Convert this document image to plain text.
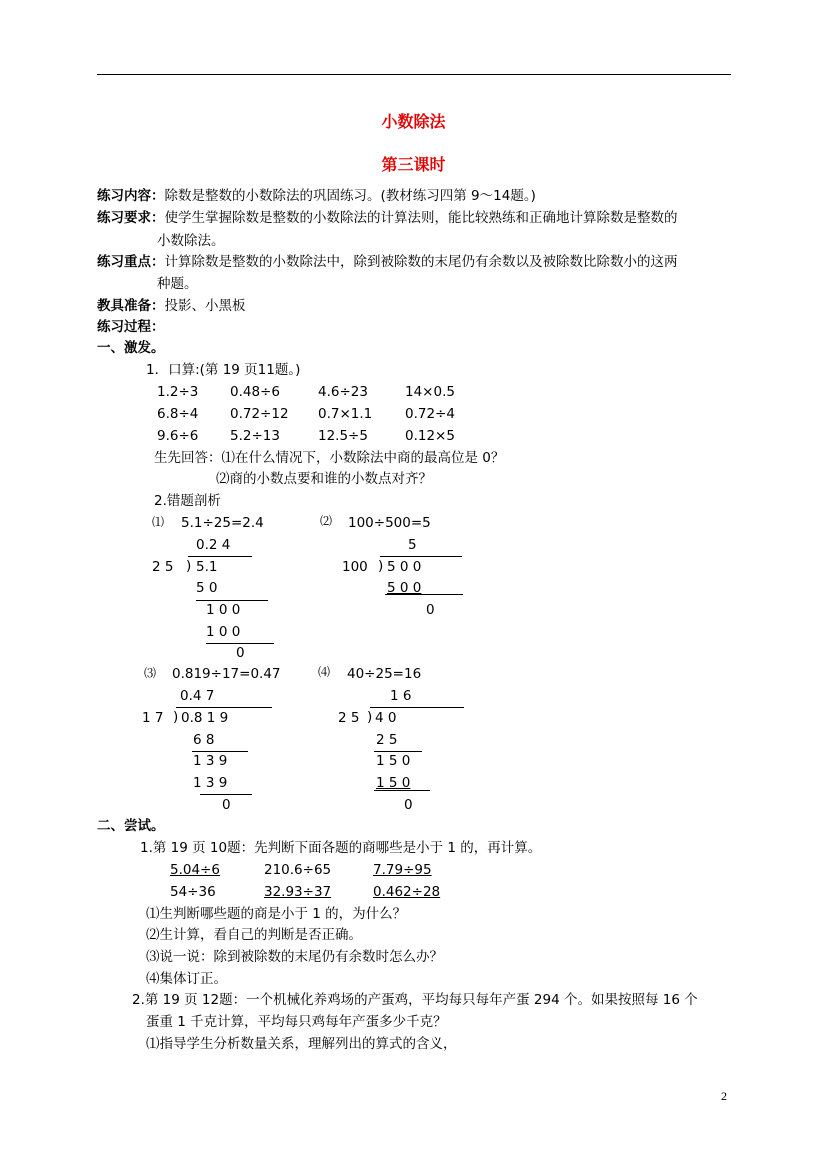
小数除法
第三课时
练习内容：除数是整数的小数除法的巩固练习。(教材练习四第 9～14题。)
练习要求：使学生掌握除数是整数的小数除法的计算法则，能比较熟练和正确地计算除数是整数的
小数除法。
练习重点：计算除数是整数的小数除法中，除到被除数的末尾仍有余数以及被除数比除数小的这两
种题。
教具准备：投影、小黑板
练习过程：
一、激发。
1．口算:(第 19 页11题。)
1.2÷3 0.48÷6	4.6÷23	14×0.5
6.8÷4 0.72÷12 0.7×1.1 0.72÷4
9.6÷6 5.2÷13	12.5÷5	0.12×5
生先回答：⑴在什么情况下，小数除法中商的最高位是 0？
⑵商的小数点要和谁的小数点对齐？
2.错题剖析
⑴ 5.1÷25=2.4
0.2 4
2 5 ) 5.1
5 0
1 0 0
1 0 0
0
⑵ 100÷500=5
5
100 ) 5 0 0
5 0 0
0
⑶ 0.819÷17=0.47
0.4 7
1 7 ) 0.8 1 9
6 8
1 3 9
1 3 9
0
⑷ 40÷25=16
1 6
2 5 ) 4 0
2 5
1 5 0
1 5 0
0
二、尝试。
1.第 19 页 10题：先判断下面各题的商哪些是小于 1 的，再计算。
5.04÷6	210.6÷65	7.79÷95
54÷36	32.93÷37	0.462÷28
⑴生判断哪些题的商是小于 1 的，为什么？
⑵生计算，看自己的判断是否正确。
⑶说一说：除到被除数的末尾仍有余数时怎么办？
⑷集体订正。
2.第 19 页 12题：一个机械化养鸡场的产蛋鸡，平均每只每年产蛋 294 个。如果按照每 16 个
蛋重 1 千克计算，平均每只鸡每年产蛋多少千克？
⑴指导学生分析数量关系，理解列出的算式的含义，
2
